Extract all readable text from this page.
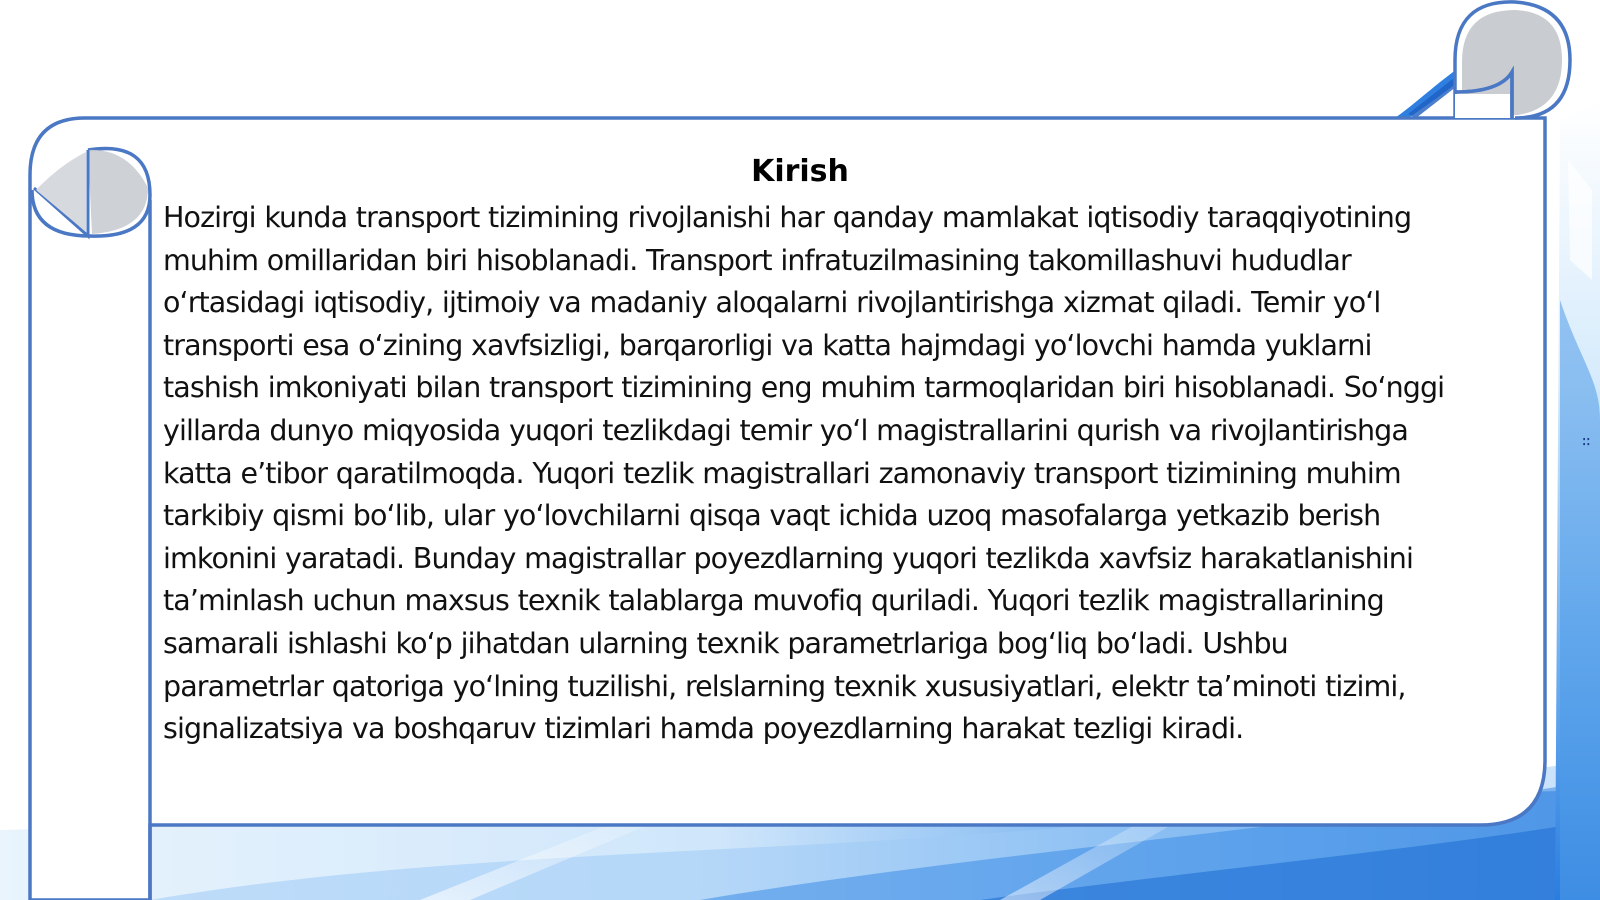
Kirish
Hozirgi kunda transport tizimining rivojlanishi har qanday mamlakat iqtisodiy taraqqiyotining muhim omillaridan biri hisoblanadi. Transport infratuzilmasining takomillashuvi hududlar o‘rtasidagi iqtisodiy, ijtimoiy va madaniy aloqalarni rivojlantirishga xizmat qiladi. Temir yo‘l transporti esa o‘zining xavfsizligi, barqarorligi va katta hajmdagi yo‘lovchi hamda yuklarni tashish imkoniyati bilan transport tizimining eng muhim tarmoqlaridan biri hisoblanadi. So‘nggi yillarda dunyo miqyosida yuqori tezlikdagi temir yo‘l magistrallarini qurish va rivojlantirishga katta e’tibor qaratilmoqda. Yuqori tezlik magistrallari zamonaviy transport tizimining muhim tarkibiy qismi bo‘lib, ular yo‘lovchilarni qisqa vaqt ichida uzoq masofalarga yetkazib berish imkonini yaratadi. Bunday magistrallar poyezdlarning yuqori tezlikda xavfsiz harakatlanishini ta’minlash uchun maxsus texnik talablarga muvofiq quriladi. Yuqori tezlik magistrallarining samarali ishlashi ko‘p jihatdan ularning texnik parametrlariga bog‘liq bo‘ladi. Ushbu parametrlar qatoriga yo‘lning tuzilishi, relslarning texnik xususiyatlari, elektr ta’minoti tizimi, signalizatsiya va boshqaruv tizimlari hamda poyezdlarning harakat tezligi kiradi.
∷
